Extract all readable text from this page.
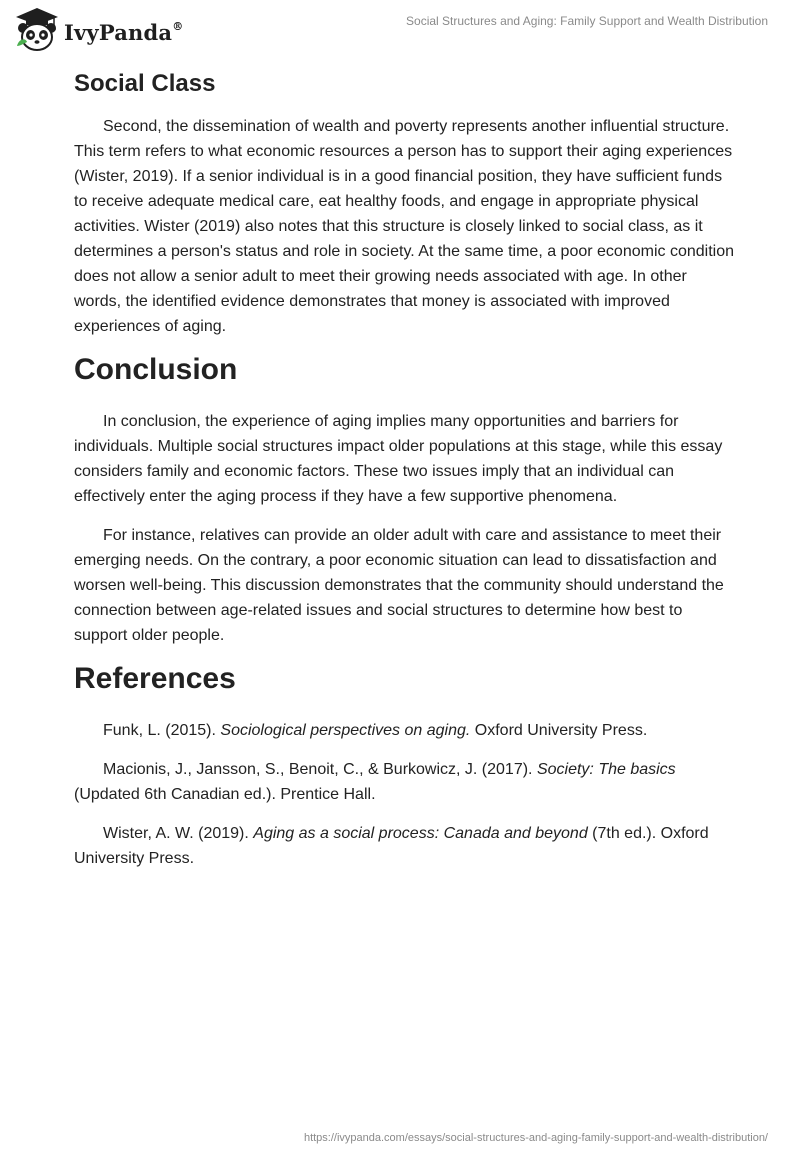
IvyPanda®	Social Structures and Aging: Family Support and Wealth Distribution
Social Class

Second, the dissemination of wealth and poverty represents another influential structure. This term refers to what economic resources a person has to support their aging experiences (Wister, 2019). If a senior individual is in a good financial position, they have sufficient funds to receive adequate medical care, eat healthy foods, and engage in appropriate physical activities. Wister (2019) also notes that this structure is closely linked to social class, as it determines a person's status and role in society. At the same time, a poor economic condition does not allow a senior adult to meet their growing needs associated with age. In other words, the identified evidence demonstrates that money is associated with improved experiences of aging.

Conclusion

In conclusion, the experience of aging implies many opportunities and barriers for individuals. Multiple social structures impact older populations at this stage, while this essay considers family and economic factors. These two issues imply that an individual can effectively enter the aging process if they have a few supportive phenomena.

For instance, relatives can provide an older adult with care and assistance to meet their emerging needs. On the contrary, a poor economic situation can lead to dissatisfaction and worsen well-being. This discussion demonstrates that the community should understand the connection between age-related issues and social structures to determine how best to support older people.

References

Funk, L. (2015). Sociological perspectives on aging. Oxford University Press.

Macionis, J., Jansson, S., Benoit, C., & Burkowicz, J. (2017). Society: The basics (Updated 6th Canadian ed.). Prentice Hall.

Wister, A. W. (2019). Aging as a social process: Canada and beyond (7th ed.). Oxford University Press.

https://ivypanda.com/essays/social-structures-and-aging-family-support-and-wealth-distribution/
